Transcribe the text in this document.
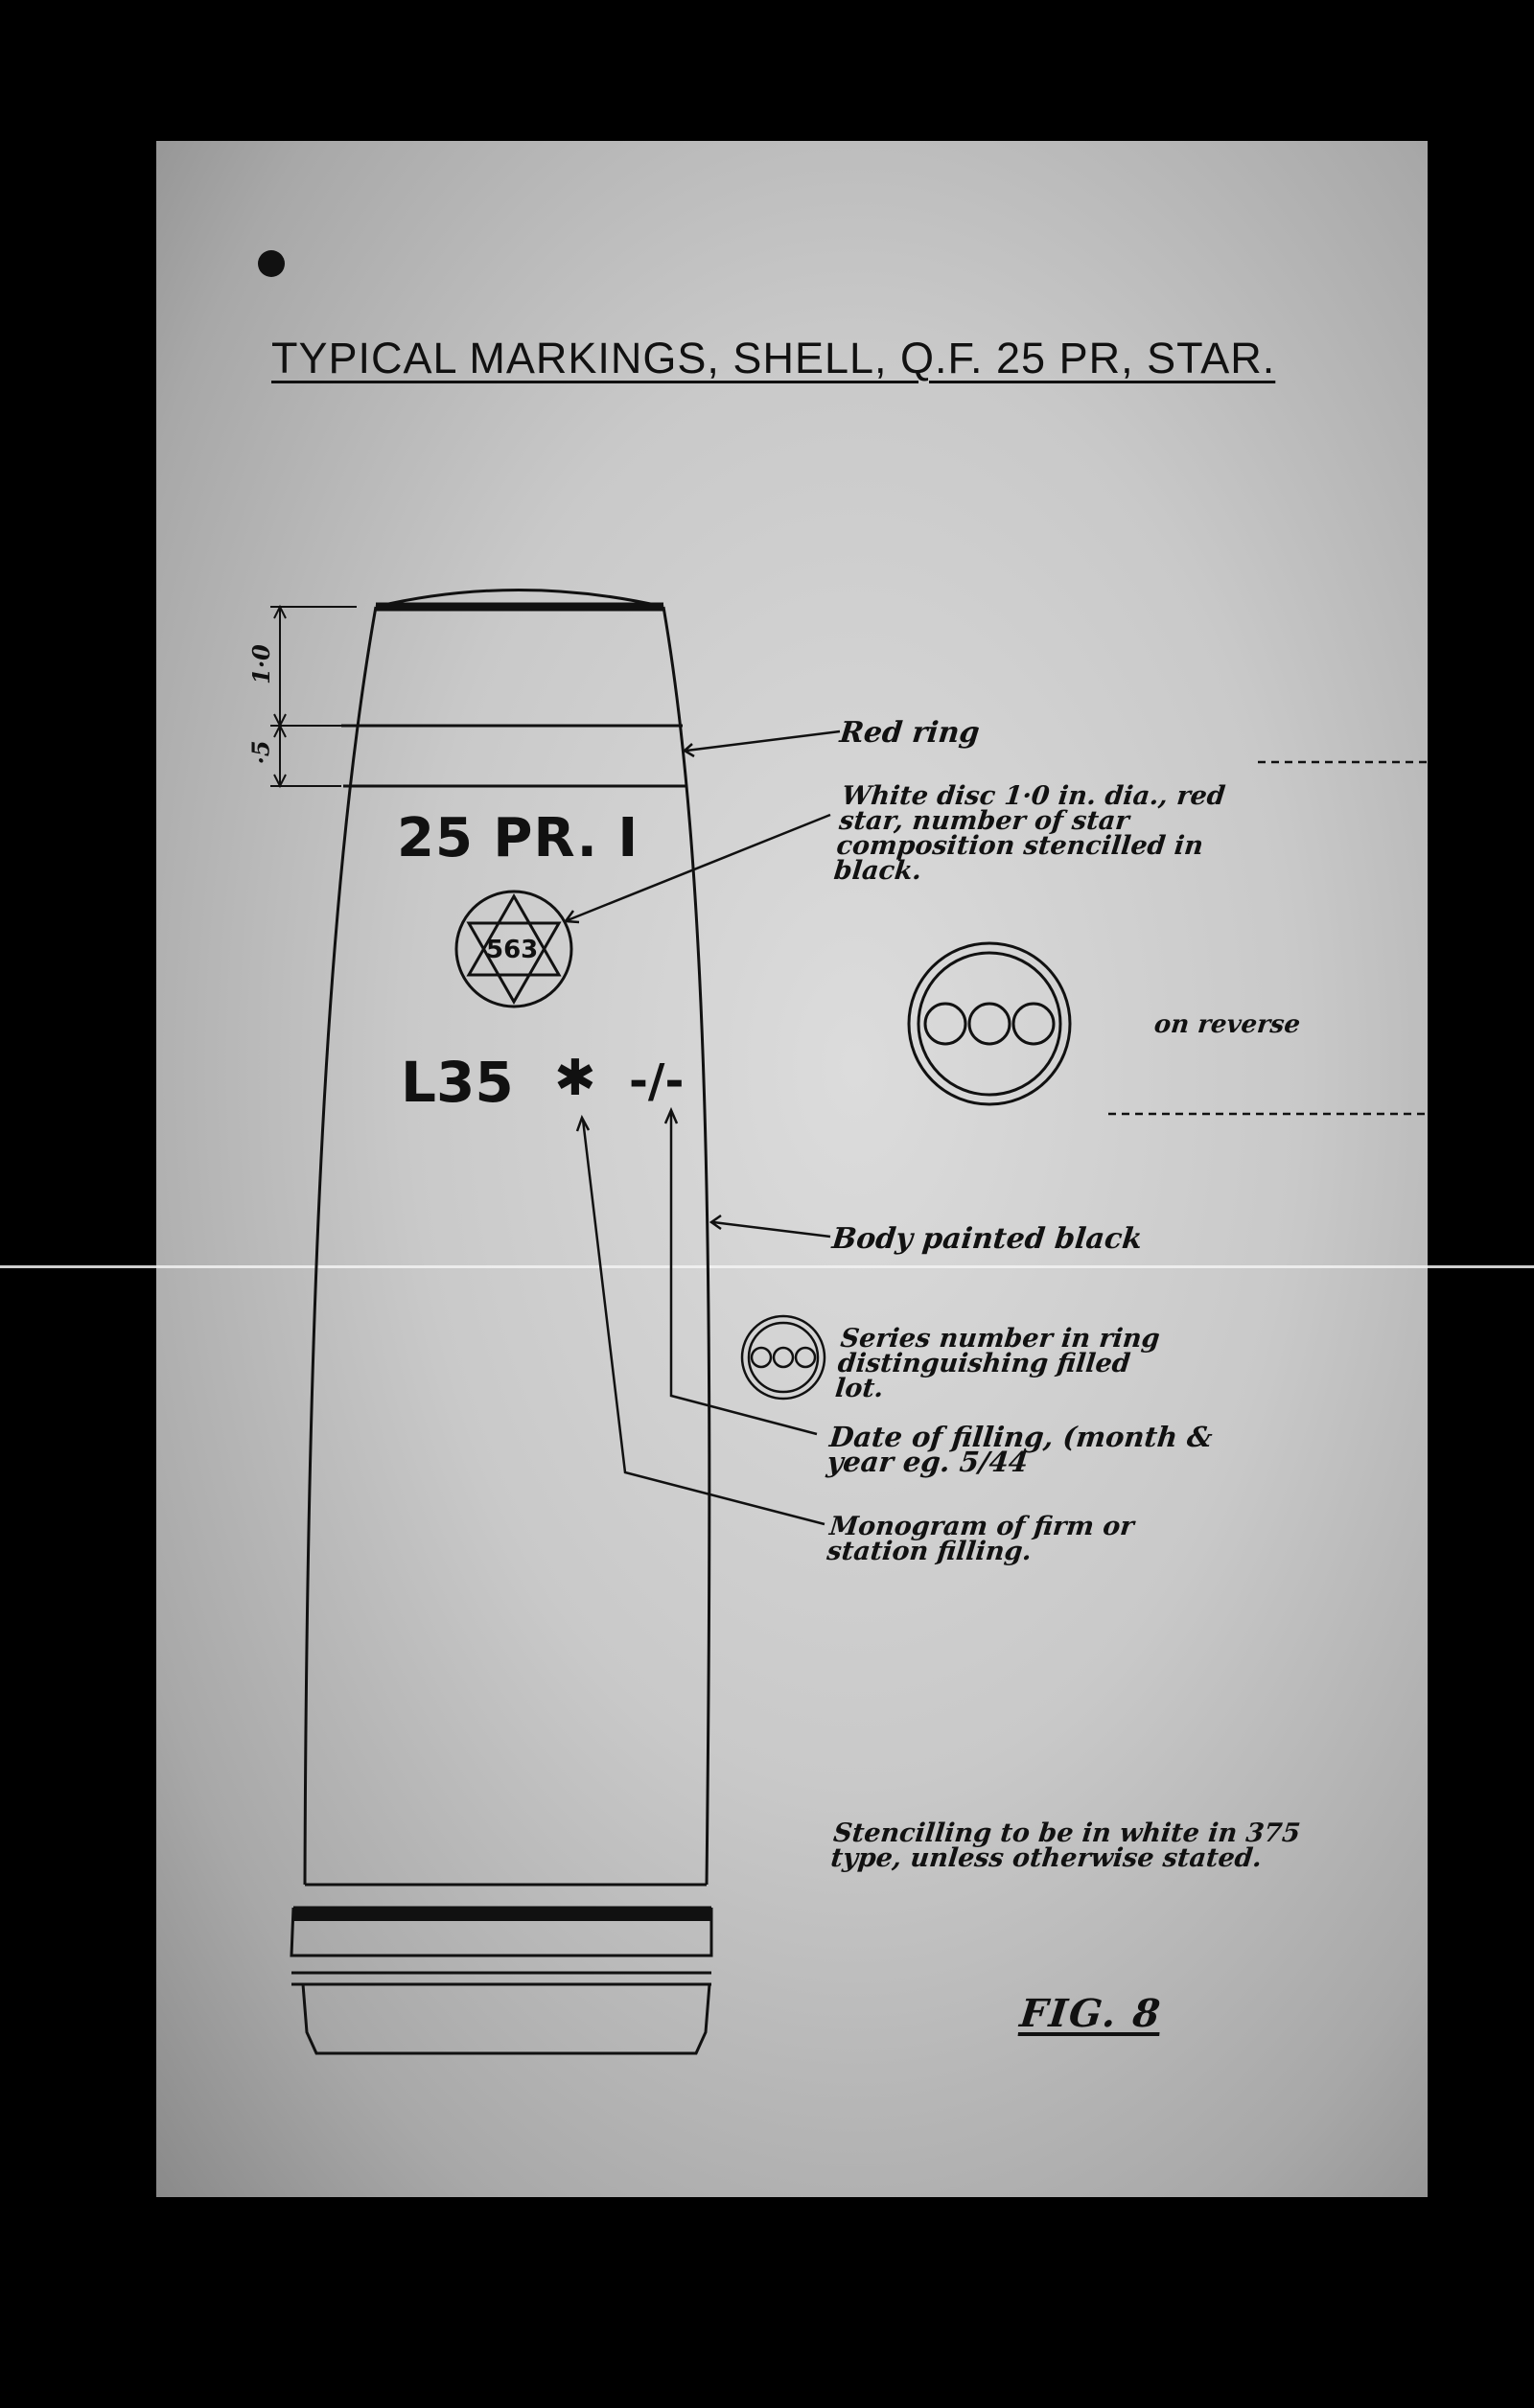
TYPICAL MARKINGS, SHELL, Q.F. 25 PR, STAR.
1·0
·5
25 PR. I
563
L35 ✱ -/-
Red ring
White disc 1·0 in. dia., red star, number of star composition stencilled in black.
on reverse
Body painted black
Series number in ring distinguishing filled lot.
Date of filling, (month & year eg. 5/44
Monogram of firm or station filling.
Stencilling to be in white in 375 type, unless otherwise stated.
FIG. 8
